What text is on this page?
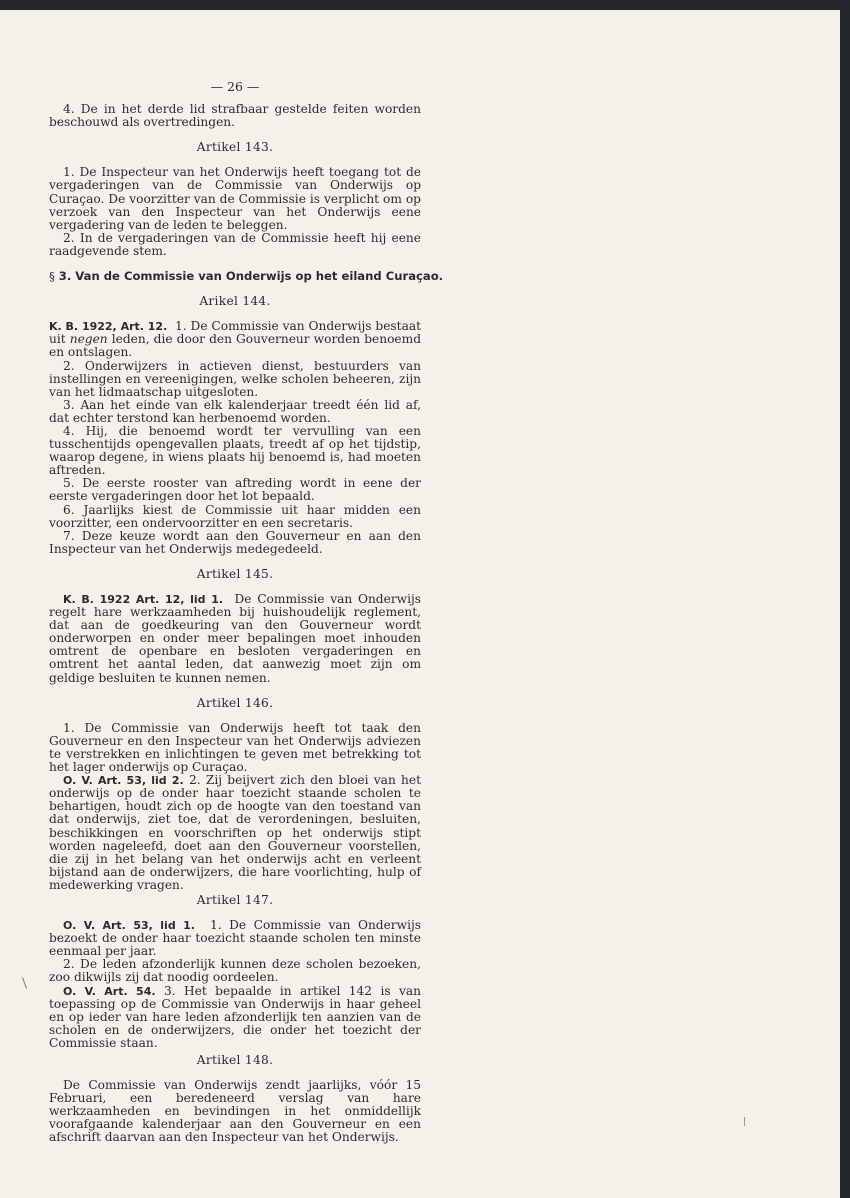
— 26 —

4. De in het derde lid strafbaar gestelde feiten worden beschouwd als overtredingen.

Artikel 143.

1. De Inspecteur van het Onderwijs heeft toegang tot de vergaderingen van de Commissie van Onderwijs op Curaçao. De voorzitter van de Commissie is verplicht om op verzoek van den Inspecteur van het Onderwijs eene vergadering van de leden te beleggen.

2. In de vergaderingen van de Commissie heeft hij eene raadgevende stem.

§ 3. Van de Commissie van Onderwijs op het eiland Curaçao.
Arikel 144.

K. B. 1922, Art. 12. 1. De Commissie van Onderwijs bestaat uit negen leden, die door den Gouverneur worden benoemd en ontslagen.

2. Onderwijzers in actieven dienst, bestuurders van instellingen en vereenigingen, welke scholen beheeren, zijn van het lidmaatschap uitgesloten.

3. Aan het einde van elk kalenderjaar treedt één lid af, dat echter terstond kan herbenoemd worden.

4. Hij, die benoemd wordt ter vervulling van een tusschentijds opengevallen plaats, treedt af op het tijdstip, waarop degene, in wiens plaats hij benoemd is, had moeten aftreden.

5. De eerste rooster van aftreding wordt in eene der eerste vergaderingen door het lot bepaald.

6. Jaarlijks kiest de Commissie uit haar midden een voorzitter, een ondervoorzitter en een secretaris.

7. Deze keuze wordt aan den Gouverneur en aan den Inspecteur van het Onderwijs medegedeeld.

Artikel 145.

K. B. 1922 Art. 12, lid 1. De Commissie van Onderwijs regelt hare werkzaamheden bij huishoudelijk reglement, dat aan de goedkeuring van den Gouverneur wordt onderworpen en onder meer bepalingen moet inhouden omtrent de openbare en besloten vergaderingen en omtrent het aantal leden, dat aanwezig moet zijn om geldige besluiten te kunnen nemen.

Artikel 146.

1. De Commissie van Onderwijs heeft tot taak den Gouverneur en den Inspecteur van het Onderwijs adviezen te verstrekken en inlichtingen te geven met betrekking tot het lager onderwijs op Curaçao.

O. V. Art. 53, lid 2. 2. Zij beijvert zich den bloei van het onderwijs op de onder haar toezicht staande scholen te behartigen, houdt zich op de hoogte van den toestand van dat onderwijs, ziet toe, dat de verordeningen, besluiten, beschikkingen en voorschriften op het onderwijs stipt worden nageleefd, doet aan den Gouverneur voorstellen, die zij in het belang van het onderwijs acht en verleent bijstand aan de onderwijzers, die hare voorlichting, hulp of medewerking vragen.

Artikel 147.

O. V. Art. 53, lid 1. 1. De Commissie van Onderwijs bezoekt de onder haar toezicht staande scholen ten minste eenmaal per jaar.

2. De leden afzonderlijk kunnen deze scholen bezoeken, zoo dikwijls zij dat noodig oordeelen.

O. V. Art. 54. 3. Het bepaalde in artikel 142 is van toepassing op de Commissie van Onderwijs in haar geheel en op ieder van hare leden afzonderlijk ten aanzien van de scholen en de onderwijzers, die onder het toezicht der Commissie staan.

Artikel 148.

De Commissie van Onderwijs zendt jaarlijks, vóór 15 Februari, een beredeneerd verslag van hare werkzaamheden en bevindingen in het onmiddellijk voorafgaande kalenderjaar aan den Gouverneur en een afschrift daarvan aan den Inspecteur van het Onderwijs.
